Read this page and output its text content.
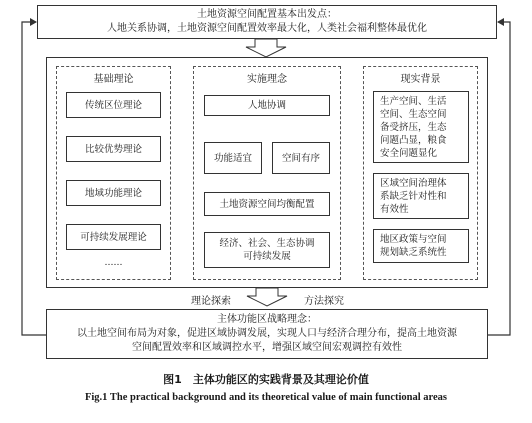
土地资源空间配置基本出发点：
人地关系协调，土地资源空间配置效率最大化，人类社会福利整体最优化
基础理论
传统区位理论
比较优势理论
地域功能理论
可持续发展理论
……
实施理念
人地协调
功能适宜	空间有序
土地资源空间均衡配置
经济、社会、生态协调
可持续发展
现实背景
生产空间、生活
空间、生态空间
备受挤压，生态
问题凸显，粮食
安全问题显化
区域空间治理体
系缺乏针对性和
有效性
地区政策与空间
规划缺乏系统性
理论探索	方法探究
主体功能区战略理念：
以土地空间布局为对象，促进区域协调发展，实现人口与经济合理分布，提高土地资源
空间配置效率和区域调控水平，增强区域空间宏观调控有效性
图1　主体功能区的实践背景及其理论价值
Fig.1 The practical background and its theoretical value of main functional areas
